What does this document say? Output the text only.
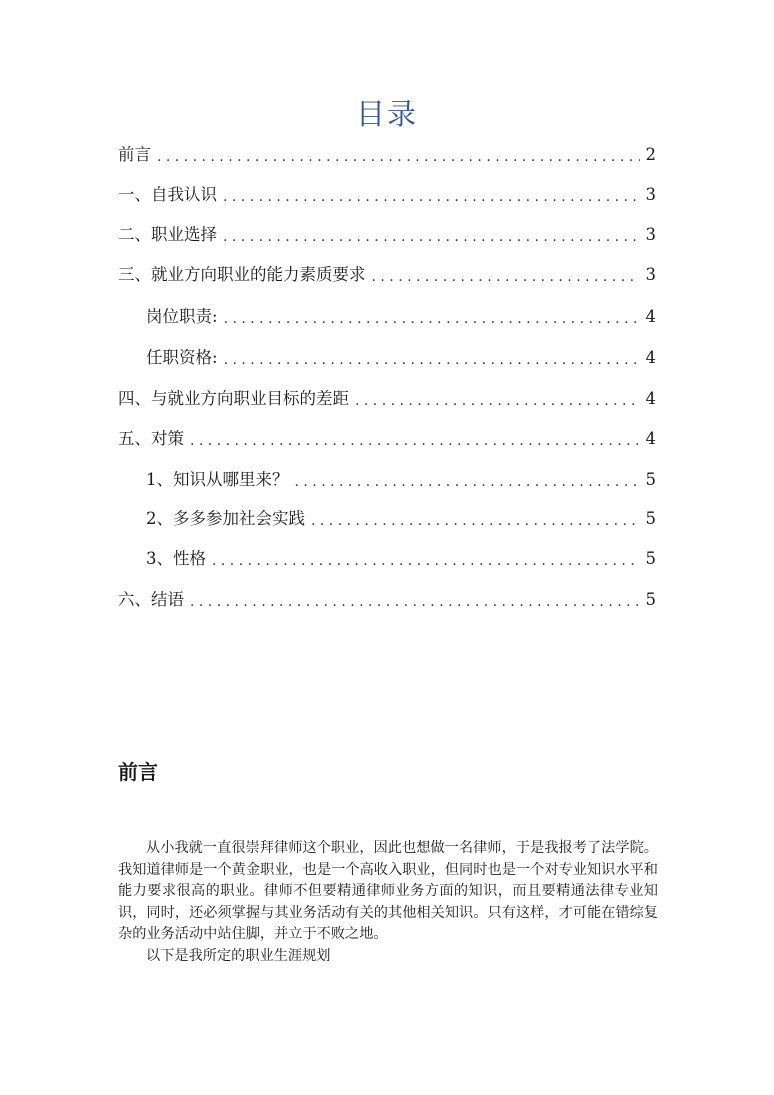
目录
前言 . . .	2
一、自我认识 . . .	3
二、职业选择 . . .	3
三、就业方向职业的能力素质要求 . . .	3
岗位职责: . . .	4
任职资格: . . .	4
四、与就业方向职业目标的差距 . . .	4
五、对策 . . .	4
1、知识从哪里来？ . . .	5
2、多多参加社会实践 . . .	5
3、性格 . . .	5
六、结语 . . .	5
前言

从小我就一直很崇拜律师这个职业，因此也想做一名律师，于是我报考了法学院。我知道律师是一个黄金职业，也是一个高收入职业，但同时也是一个对专业知识水平和能力要求很高的职业。律师不但要精通律师业务方面的知识，而且要精通法律专业知识，同时，还必须掌握与其业务活动有关的其他相关知识。只有这样，才可能在错综复杂的业务活动中站住脚，并立于不败之地。

以下是我所定的职业生涯规划
